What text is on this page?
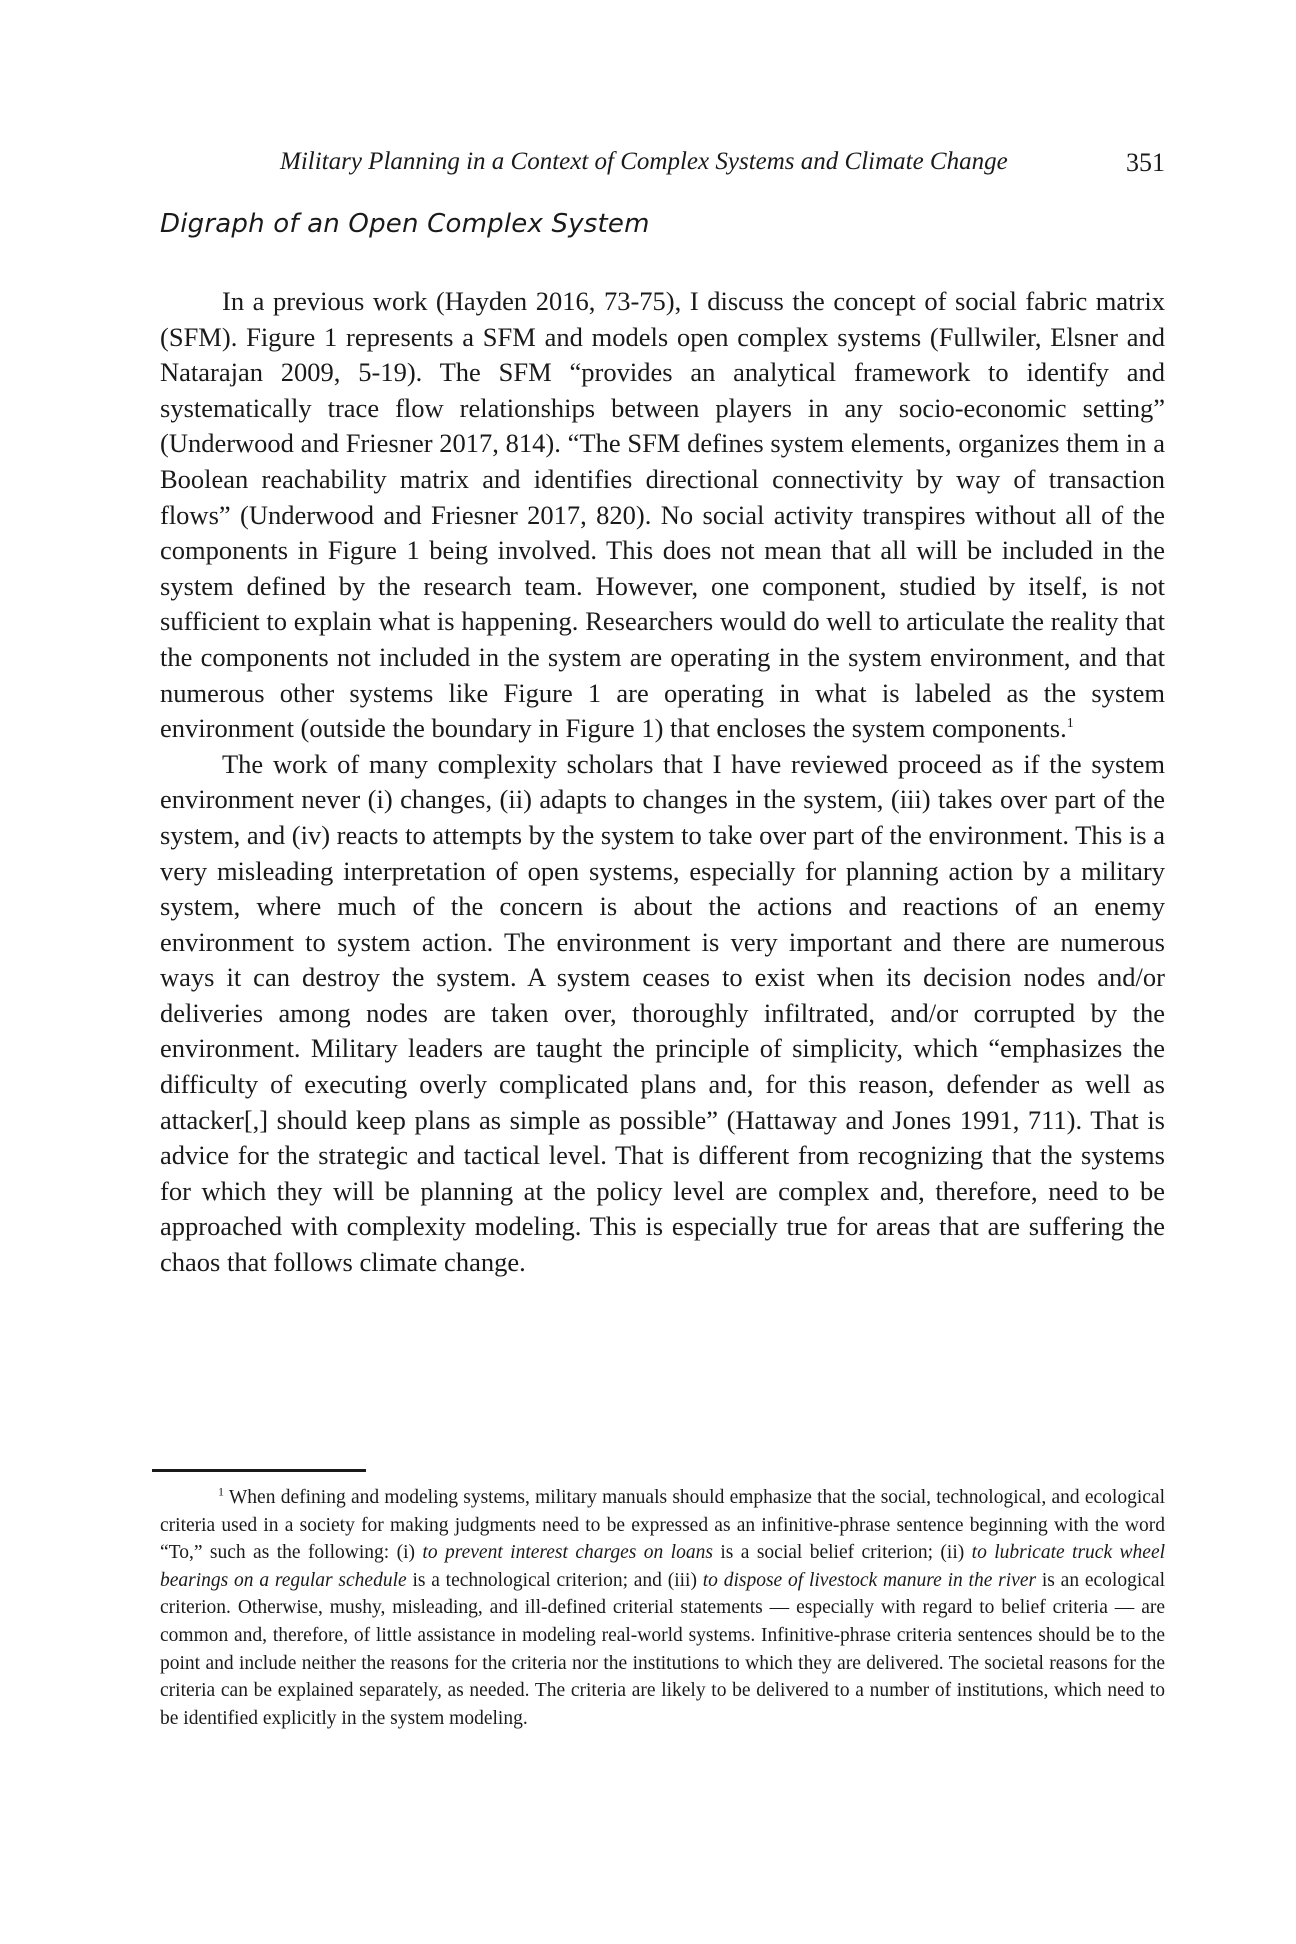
Military Planning in a Context of Complex Systems and Climate Change	351
Digraph of an Open Complex System

In a previous work (Hayden 2016, 73-75), I discuss the concept of social fabric matrix (SFM). Figure 1 represents a SFM and models open complex systems (Fullwiler, Elsner and Natarajan 2009, 5-19). The SFM “provides an analytical framework to identify and systematically trace flow relationships between players in any socio-economic setting” (Underwood and Friesner 2017, 814). “The SFM defines system elements, organizes them in a Boolean reachability matrix and identifies directional connectivity by way of transaction flows” (Underwood and Friesner 2017, 820). No social activity transpires without all of the components in Figure 1 being involved. This does not mean that all will be included in the system defined by the research team. However, one component, studied by itself, is not sufficient to explain what is happening. Researchers would do well to articulate the reality that the components not included in the system are operating in the system environment, and that numerous other systems like Figure 1 are operating in what is labeled as the system environment (outside the boundary in Figure 1) that encloses the system components.$^1$

The work of many complexity scholars that I have reviewed proceed as if the system environment never (i) changes, (ii) adapts to changes in the system, (iii) takes over part of the system, and (iv) reacts to attempts by the system to take over part of the environment. This is a very misleading interpretation of open systems, especially for planning action by a military system, where much of the concern is about the actions and reactions of an enemy environment to system action. The environment is very important and there are numerous ways it can destroy the system. A system ceases to exist when its decision nodes and/or deliveries among nodes are taken over, thoroughly infiltrated, and/or corrupted by the environment. Military leaders are taught the principle of simplicity, which “emphasizes the difficulty of executing overly complicated plans and, for this reason, defender as well as attacker[,] should keep plans as simple as possible” (Hattaway and Jones 1991, 711). That is advice for the strategic and tactical level. That is different from recognizing that the systems for which they will be planning at the policy level are complex and, therefore, need to be approached with complexity modeling. This is especially true for areas that are suffering the chaos that follows climate change.

$^1$ When defining and modeling systems, military manuals should emphasize that the social, technological, and ecological criteria used in a society for making judgments need to be expressed as an infinitive-phrase sentence beginning with the word “To,” such as the following: (i) to prevent interest charges on loans is a social belief criterion; (ii) to lubricate truck wheel bearings on a regular schedule is a technological criterion; and (iii) to dispose of livestock manure in the river is an ecological criterion. Otherwise, mushy, misleading, and ill-defined criterial statements — especially with regard to belief criteria — are common and, therefore, of little assistance in modeling real-world systems. Infinitive-phrase criteria sentences should be to the point and include neither the reasons for the criteria nor the institutions to which they are delivered. The societal reasons for the criteria can be explained separately, as needed. The criteria are likely to be delivered to a number of institutions, which need to be identified explicitly in the system modeling.
